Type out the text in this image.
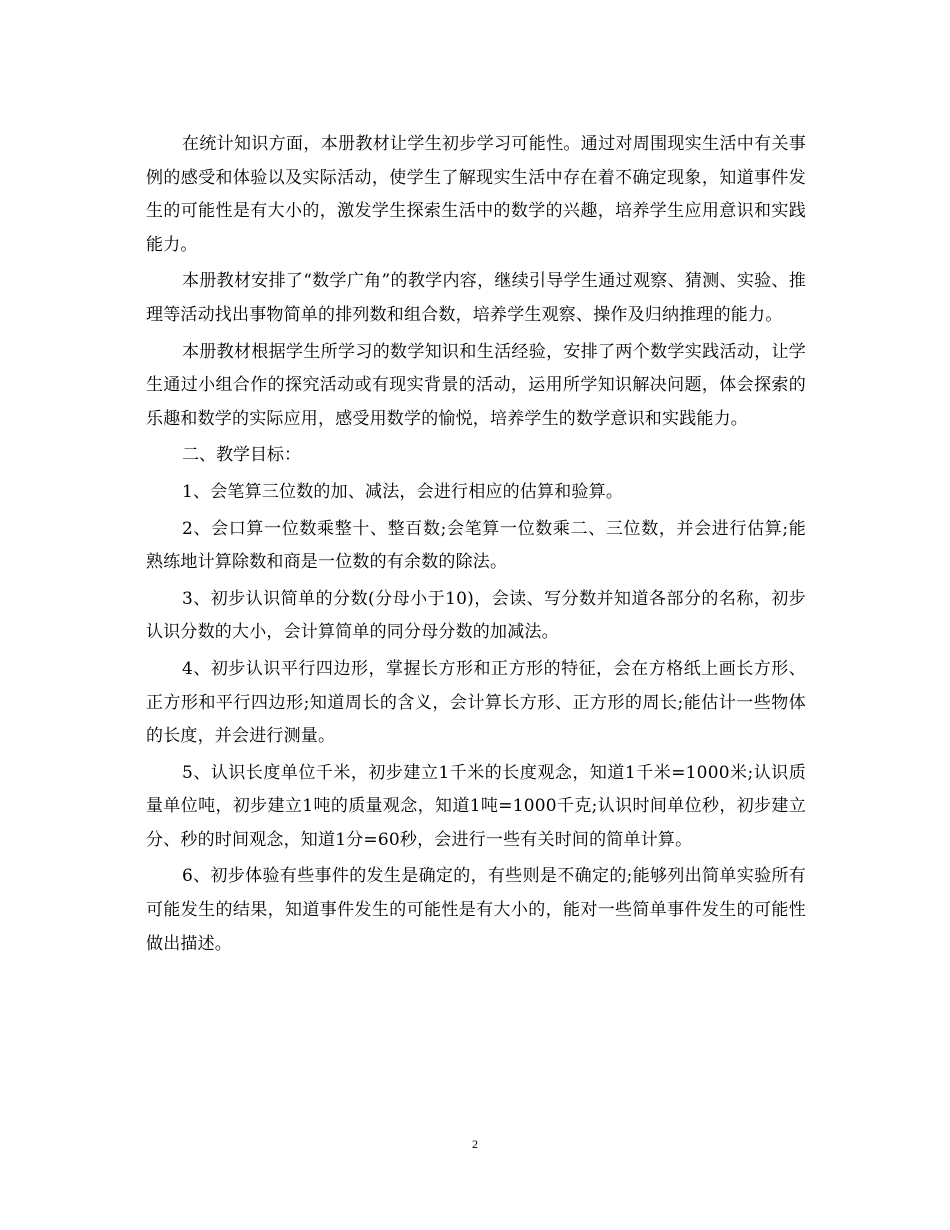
在统计知识方面，本册教材让学生初步学习可能性。通过对周围现实生活中有关事例的感受和体验以及实际活动，使学生了解现实生活中存在着不确定现象，知道事件发生的可能性是有大小的，激发学生探索生活中的数学的兴趣，培养学生应用意识和实践能力。

本册教材安排了“数学广角”的教学内容，继续引导学生通过观察、猜测、实验、推理等活动找出事物简单的排列数和组合数，培养学生观察、操作及归纳推理的能力。

本册教材根据学生所学习的数学知识和生活经验，安排了两个数学实践活动，让学生通过小组合作的探究活动或有现实背景的活动，运用所学知识解决问题，体会探索的乐趣和数学的实际应用，感受用数学的愉悦，培养学生的数学意识和实践能力。

二、教学目标：

1、会笔算三位数的加、减法，会进行相应的估算和验算。

2、会口算一位数乘整十、整百数;会笔算一位数乘二、三位数，并会进行估算;能熟练地计算除数和商是一位数的有余数的除法。

3、初步认识简单的分数(分母小于10)，会读、写分数并知道各部分的名称，初步认识分数的大小，会计算简单的同分母分数的加减法。

4、初步认识平行四边形，掌握长方形和正方形的特征，会在方格纸上画长方形、正方形和平行四边形;知道周长的含义，会计算长方形、正方形的周长;能估计一些物体的长度，并会进行测量。

5、认识长度单位千米，初步建立1千米的长度观念，知道1千米=1000米;认识质量单位吨，初步建立1吨的质量观念，知道1吨=1000千克;认识时间单位秒，初步建立分、秒的时间观念，知道1分=60秒，会进行一些有关时间的简单计算。

6、初步体验有些事件的发生是确定的，有些则是不确定的;能够列出简单实验所有可能发生的结果，知道事件发生的可能性是有大小的，能对一些简单事件发生的可能性做出描述。

2
